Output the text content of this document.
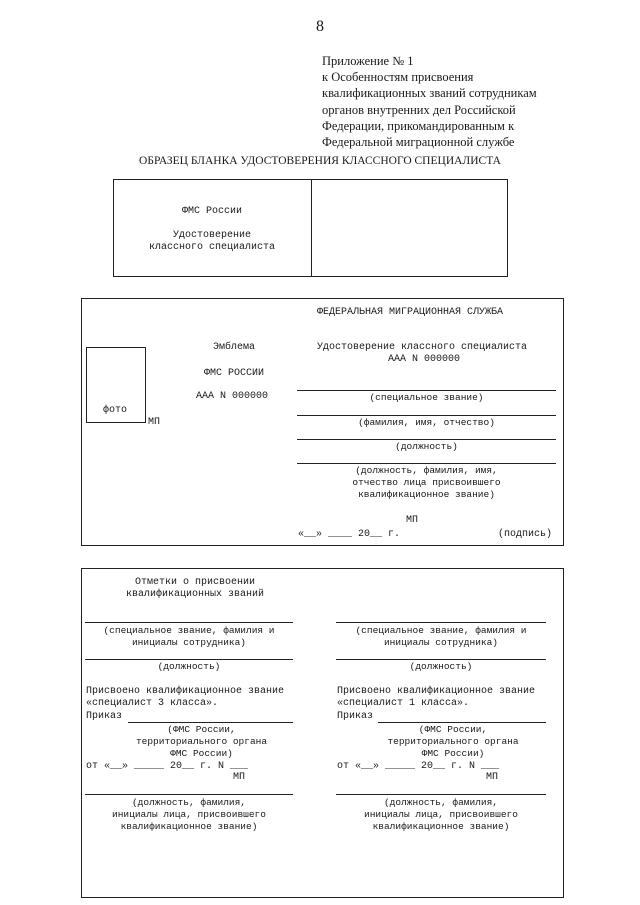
8
Приложение № 1
к Особенностям присвоения
квалификационных званий сотрудникам
органов внутренних дел Российской
Федерации, прикомандированным к
Федеральной миграционной службе
ОБРАЗЕЦ БЛАНКА УДОСТОВЕРЕНИЯ КЛАССНОГО СПЕЦИАЛИСТА
ФМС России
Удостоверение
классного специалиста
ФЕДЕРАЛЬНАЯ МИГРАЦИОННАЯ СЛУЖБА
фото
МП
Эмблема
ФМС РОССИИ
ААА N 000000
Удостоверение классного специалиста
ААА N 000000
(специальное звание)
(фамилия, имя, отчество)
(должность)
(должность, фамилия, имя,
отчество лица присвоившего
квалификационное звание)
МП
«__» ____ 20__ г.	(подпись)
Отметки о присвоении
квалификационных званий
(специальное звание, фамилия и
инициалы сотрудника)
(должность)
Присвоено квалификационное звание
«специалист 3 класса».
Приказ
(ФМС России,
территориального органа
ФМС России)
от «__» _____ 20__ г. N ___
МП
(должность, фамилия,
инициалы лица, присвоившего
квалификационное звание)
(специальное звание, фамилия и
инициалы сотрудника)
(должность)
Присвоено квалификационное звание
«специалист 1 класса».
Приказ
(ФМС России,
территориального органа
ФМС России)
от «__» _____ 20__ г. N ___
МП
(должность, фамилия,
инициалы лица, присвоившего
квалификационное звание)
